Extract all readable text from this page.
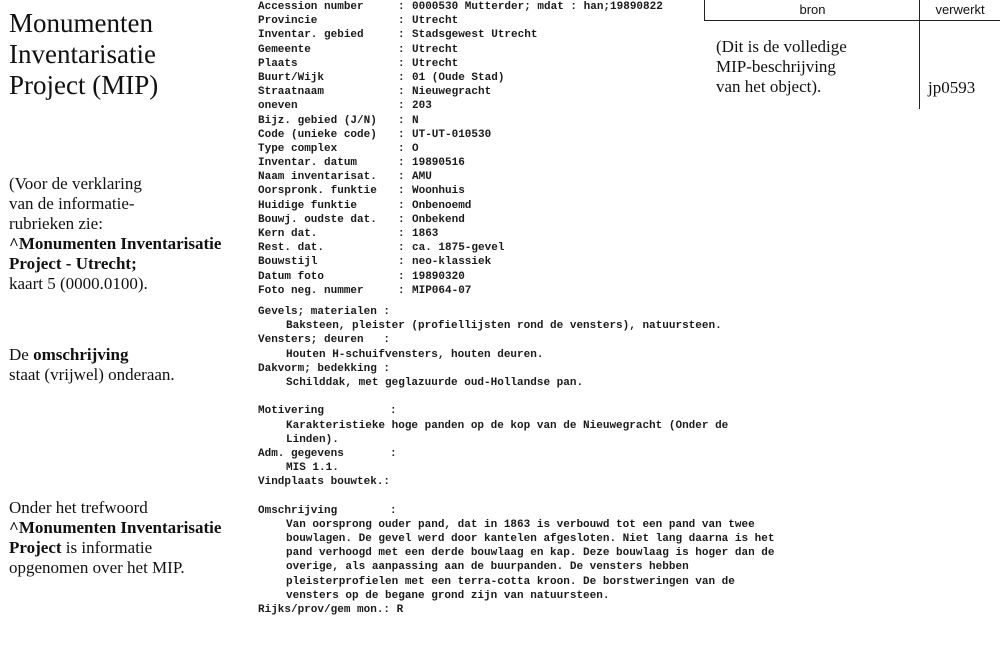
Monumenten
Inventarisatie
Project (MIP)
(Voor de verklaring
van de informatie-
rubrieken zie:
^Monumenten Inventarisatie
Project - Utrecht;
kaart 5 (0000.0100).
De omschrijving
staat (vrijwel) onderaan.
Onder het trefwoord
^Monumenten Inventarisatie
Project is informatie
opgenomen over het MIP.
bron	verwerkt
(Dit is de volledige
MIP-beschrijving
van het object).	jp0593
Accession number	: 0000530 Mutterder; mdat : han;19890822
Provincie	: Utrecht
Inventar. gebied	: Stadsgewest Utrecht
Gemeente	: Utrecht
Plaats	: Utrecht
Buurt/Wijk	: 01 (Oude Stad)
Straatnaam	: Nieuwegracht
oneven	: 203
Bijz. gebied (J/N) : N
Code (unieke code) : UT-UT-010530
Type complex	: O
Inventar. datum	: 19890516
Naam inventarisat. : AMU
Oorspronk. funktie : Woonhuis
Huidige funktie	: Onbenoemd
Bouwj. oudste dat. : Onbekend
Kern dat.	: 1863
Rest. dat.	: ca. 1875-gevel
Bouwstijl	: neo-klassiek
Datum foto	: 19890320
Foto neg. nummer	: MIP064-07
Gevels; materialen :
Baksteen, pleister (profiellijsten rond de vensters), natuursteen.
Vensters; deuren   :
Houten H-schuifvensters, houten deuren.
Dakvorm; bedekking :
Schilddak, met geglazuurde oud-Hollandse pan.
Motivering          :
Karakteristieke hoge panden op de kop van de Nieuwegracht (Onder de
Linden).
Adm. gegevens       :
MIS 1.1.
Vindplaats bouwtek.:
Omschrijving        :
Van oorsprong ouder pand, dat in 1863 is verbouwd tot een pand van twee
bouwlagen. De gevel werd door kantelen afgesloten. Niet lang daarna is het
pand verhoogd met een derde bouwlaag en kap. Deze bouwlaag is hoger dan de
overige, als aanpassing aan de buurpanden. De vensters hebben
pleisterprofielen met een terra-cotta kroon. De borstweringen van de
vensters op de begane grond zijn van natuursteen.
Rijks/prov/gem mon.: R
